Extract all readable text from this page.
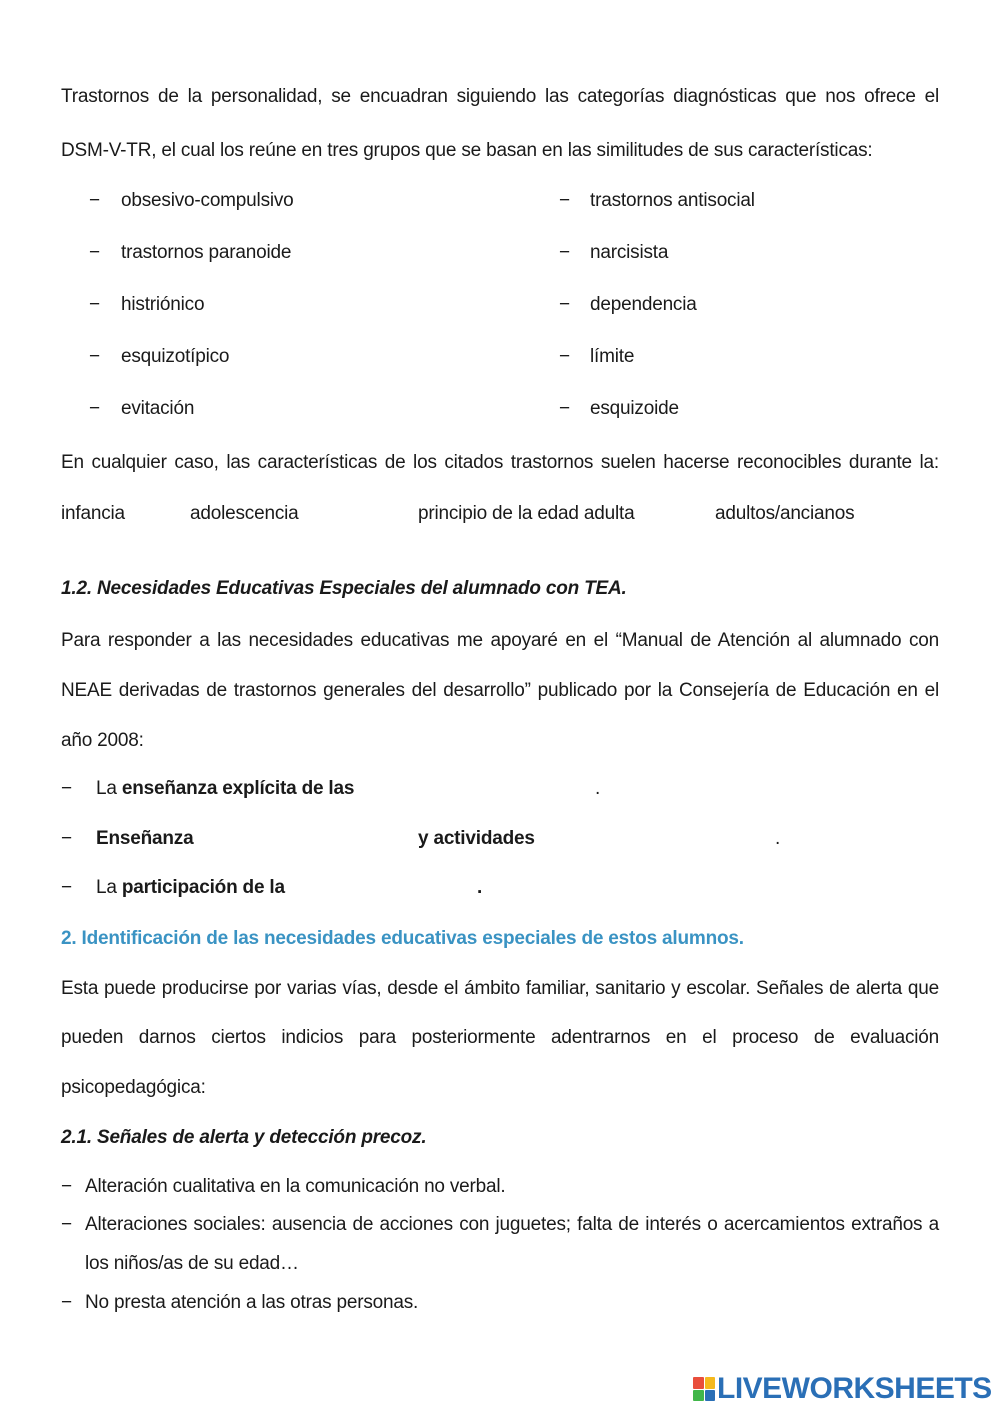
Trastornos de la personalidad, se encuadran siguiendo las categorías diagnósticas que nos ofrece el
DSM-V-TR, el cual los reúne en tres grupos que se basan en las similitudes de sus características:
− obsesivo-compulsivo
− trastornos paranoide
− histriónico
− esquizotípico
− evitación
− trastornos antisocial
− narcisista
− dependencia
− límite
− esquizoide
En cualquier caso, las características de los citados trastornos suelen hacerse reconocibles durante la:
infancia	adolescencia	principio de la edad adulta	adultos/ancianos
1.2. Necesidades Educativas Especiales del alumnado con TEA.
Para responder a las necesidades educativas me apoyaré en el “Manual de Atención al alumnado con
NEAE derivadas de trastornos generales del desarrollo” publicado por la Consejería de Educación en el
año 2008:
− La enseñanza explícita de las	.
− Enseñanza	y actividades	.
− La participación de la	.
2. Identificación de las necesidades educativas especiales de estos alumnos.
Esta puede producirse por varias vías, desde el ámbito familiar, sanitario y escolar. Señales de alerta que
pueden darnos ciertos indicios para posteriormente adentrarnos en el proceso de evaluación
psicopedagógica:
2.1. Señales de alerta y detección precoz.
− Alteración cualitativa en la comunicación no verbal.
− Alteraciones sociales: ausencia de acciones con juguetes; falta de interés o acercamientos extraños a
los niños/as de su edad…
− No presta atención a las otras personas.
LIVEWORKSHEETS
